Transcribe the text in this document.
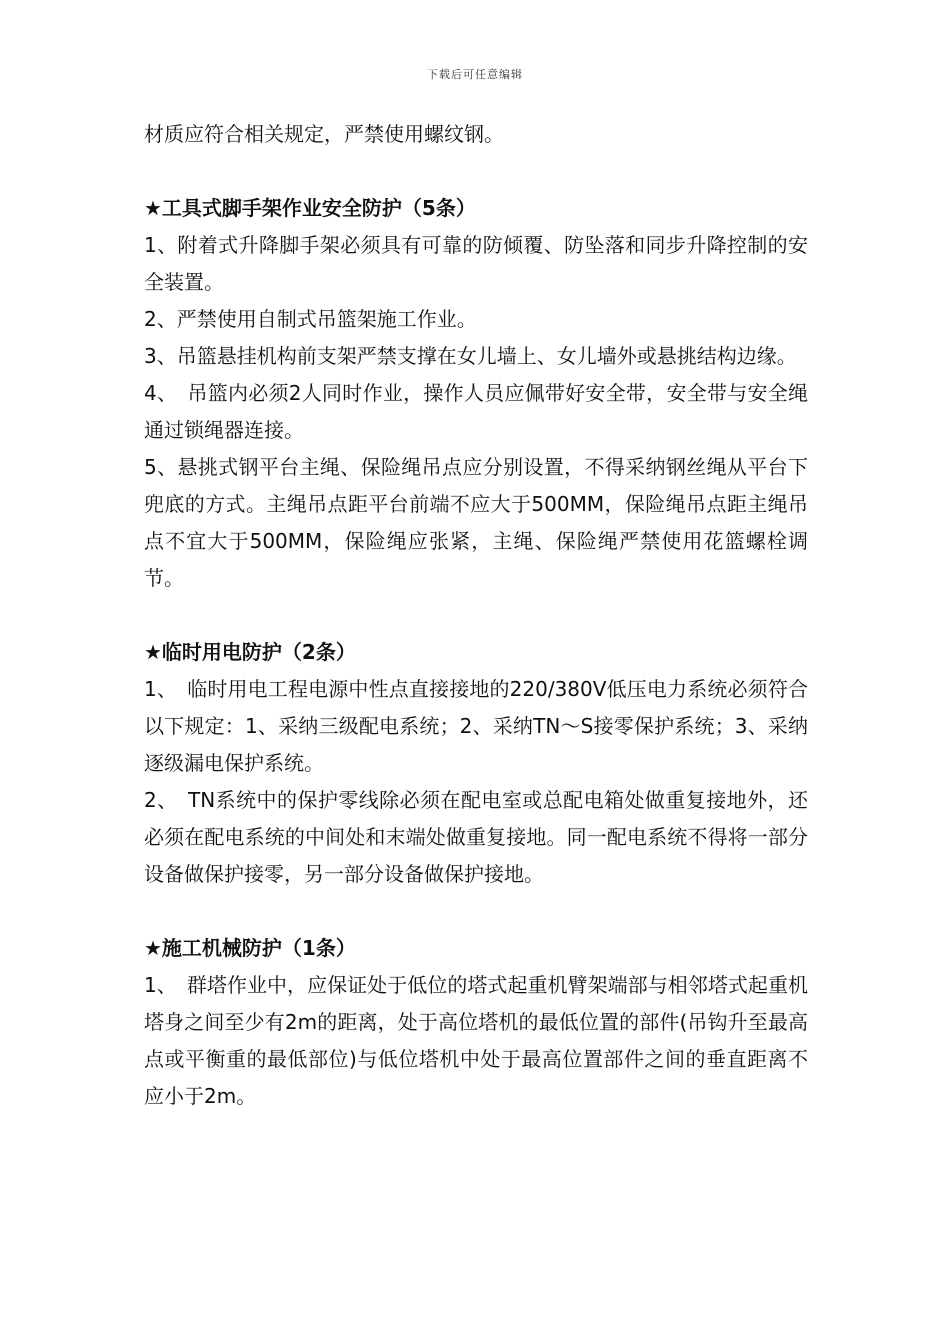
下载后可任意编辑

材质应符合相关规定，严禁使用螺纹钢。

★工具式脚手架作业安全防护（5条）

1、附着式升降脚手架必须具有可靠的防倾覆、防坠落和同步升降控制的安全装置。

2、严禁使用自制式吊篮架施工作业。

3、吊篮悬挂机构前支架严禁支撑在女儿墙上、女儿墙外或悬挑结构边缘。

4、　吊篮内必须2人同时作业，操作人员应佩带好安全带，安全带与安全绳通过锁绳器连接。

5、悬挑式钢平台主绳、保险绳吊点应分别设置，不得采纳钢丝绳从平台下兜底的方式。主绳吊点距平台前端不应大于500MM，保险绳吊点距主绳吊点不宜大于500MM，保险绳应张紧，主绳、保险绳严禁使用花篮螺栓调节。

★临时用电防护（2条）

1、　临时用电工程电源中性点直接接地的220/380V低压电力系统必须符合以下规定：1、采纳三级配电系统；2、采纳TN～S接零保护系统；3、采纳逐级漏电保护系统。

2、　TN系统中的保护零线除必须在配电室或总配电箱处做重复接地外，还必须在配电系统的中间处和末端处做重复接地。同一配电系统不得将一部分设备做保护接零，另一部分设备做保护接地。

★施工机械防护（1条）

1、　群塔作业中，应保证处于低位的塔式起重机臂架端部与相邻塔式起重机塔身之间至少有2m的距离，处于高位塔机的最低位置的部件(吊钩升至最高点或平衡重的最低部位)与低位塔机中处于最高位置部件之间的垂直距离不应小于2m。
